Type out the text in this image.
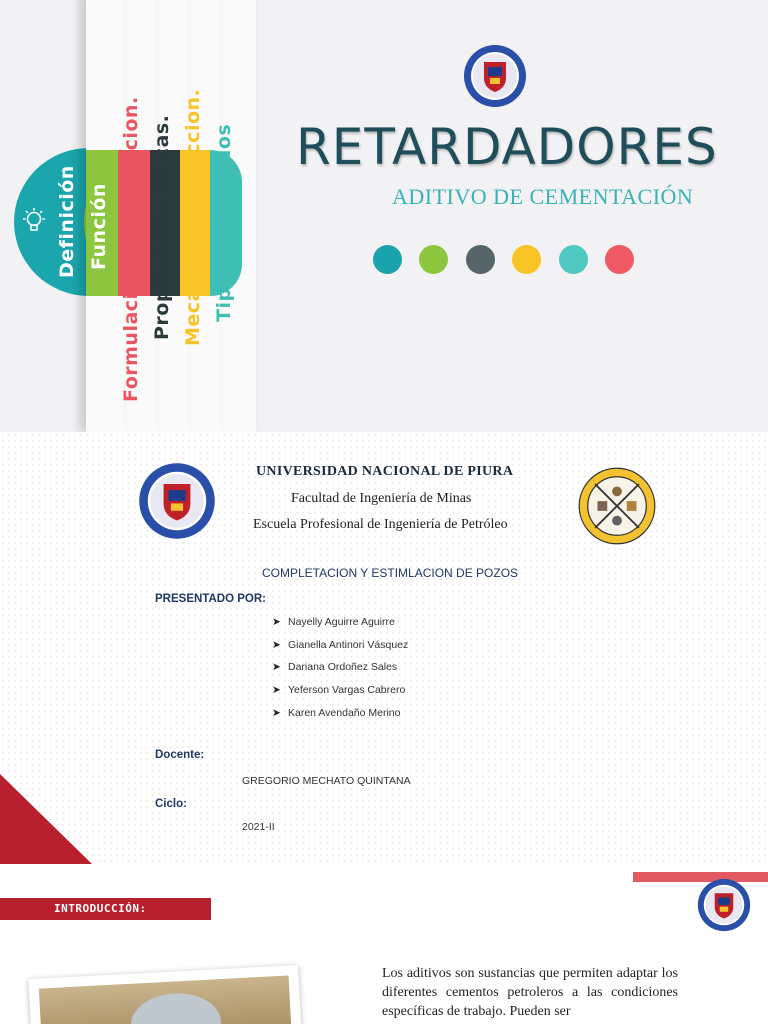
Definición Función Formulacion y dosificacion. Propiedades físicas. Mecanismos de accion. Tipos más usados RETARDADORES
ADITIVO DE CEMENTACIÓN
UNIVERSIDAD NACIONAL DE PIURA
Facultad de Ingeniería de Minas
Escuela Profesional de Ingeniería de Petróleo
COMPLETACION Y ESTIMLACION DE POZOS
PRESENTADO POR:
➤ Nayelly Aguirre Aguirre
➤ Gianella Antinori Vásquez
➤ Dariana Ordoñez Sales
➤ Yeferson Vargas Cabrero
➤ Karen Avendaño Merino
Docente:
GREGORIO MECHATO QUINTANA
Ciclo:
2021-II
INTRODUCCIÓN:
Los aditivos son sustancias que permiten adaptar los diferentes cementos petroleros a las condiciones específicas de trabajo. Pueden ser
